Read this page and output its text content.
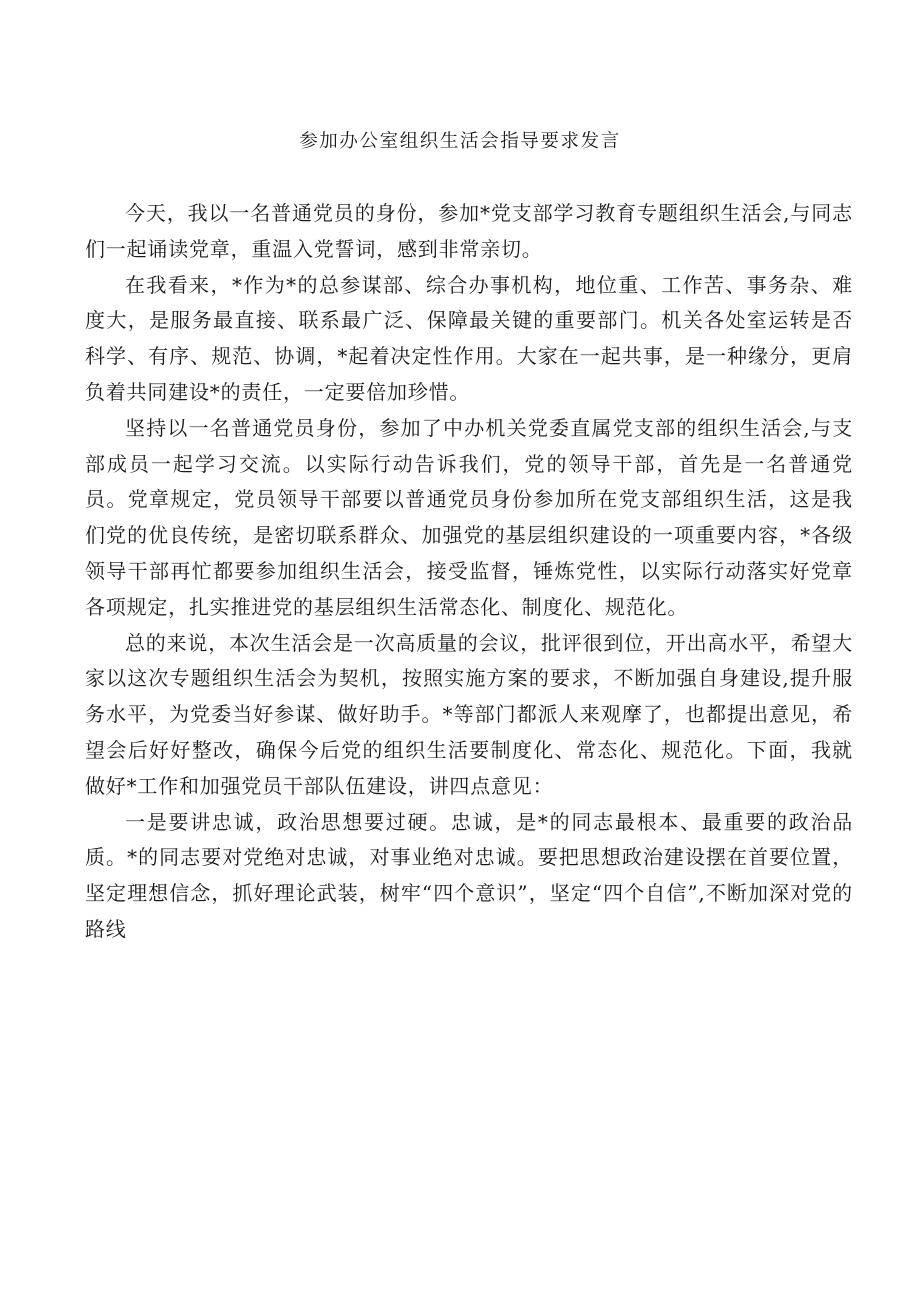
参加办公室组织生活会指导要求发言

今天，我以一名普通党员的身份，参加*党支部学习教育专题组织生活会,与同志们一起诵读党章，重温入党誓词，感到非常亲切。

在我看来，*作为*的总参谋部、综合办事机构，地位重、工作苦、事务杂、难度大，是服务最直接、联系最广泛、保障最关键的重要部门。机关各处室运转是否科学、有序、规范、协调，*起着决定性作用。大家在一起共事，是一种缘分，更肩负着共同建设*的责任，一定要倍加珍惜。

坚持以一名普通党员身份，参加了中办机关党委直属党支部的组织生活会,与支部成员一起学习交流。以实际行动告诉我们，党的领导干部，首先是一名普通党员。党章规定，党员领导干部要以普通党员身份参加所在党支部组织生活，这是我们党的优良传统，是密切联系群众、加强党的基层组织建设的一项重要内容，*各级领导干部再忙都要参加组织生活会，接受监督，锤炼党性，以实际行动落实好党章各项规定，扎实推进党的基层组织生活常态化、制度化、规范化。

总的来说，本次生活会是一次高质量的会议，批评很到位，开出高水平，希望大家以这次专题组织生活会为契机，按照实施方案的要求，不断加强自身建设,提升服务水平，为党委当好参谋、做好助手。*等部门都派人来观摩了，也都提出意见，希望会后好好整改，确保今后党的组织生活要制度化、常态化、规范化。下面，我就做好*工作和加强党员干部队伍建设，讲四点意见：

一是要讲忠诚，政治思想要过硬。忠诚，是*的同志最根本、最重要的政治品质。*的同志要对党绝对忠诚，对事业绝对忠诚。要把思想政治建设摆在首要位置，坚定理想信念，抓好理论武装，树牢“四个意识”，坚定“四个自信”,不断加深对党的路线
